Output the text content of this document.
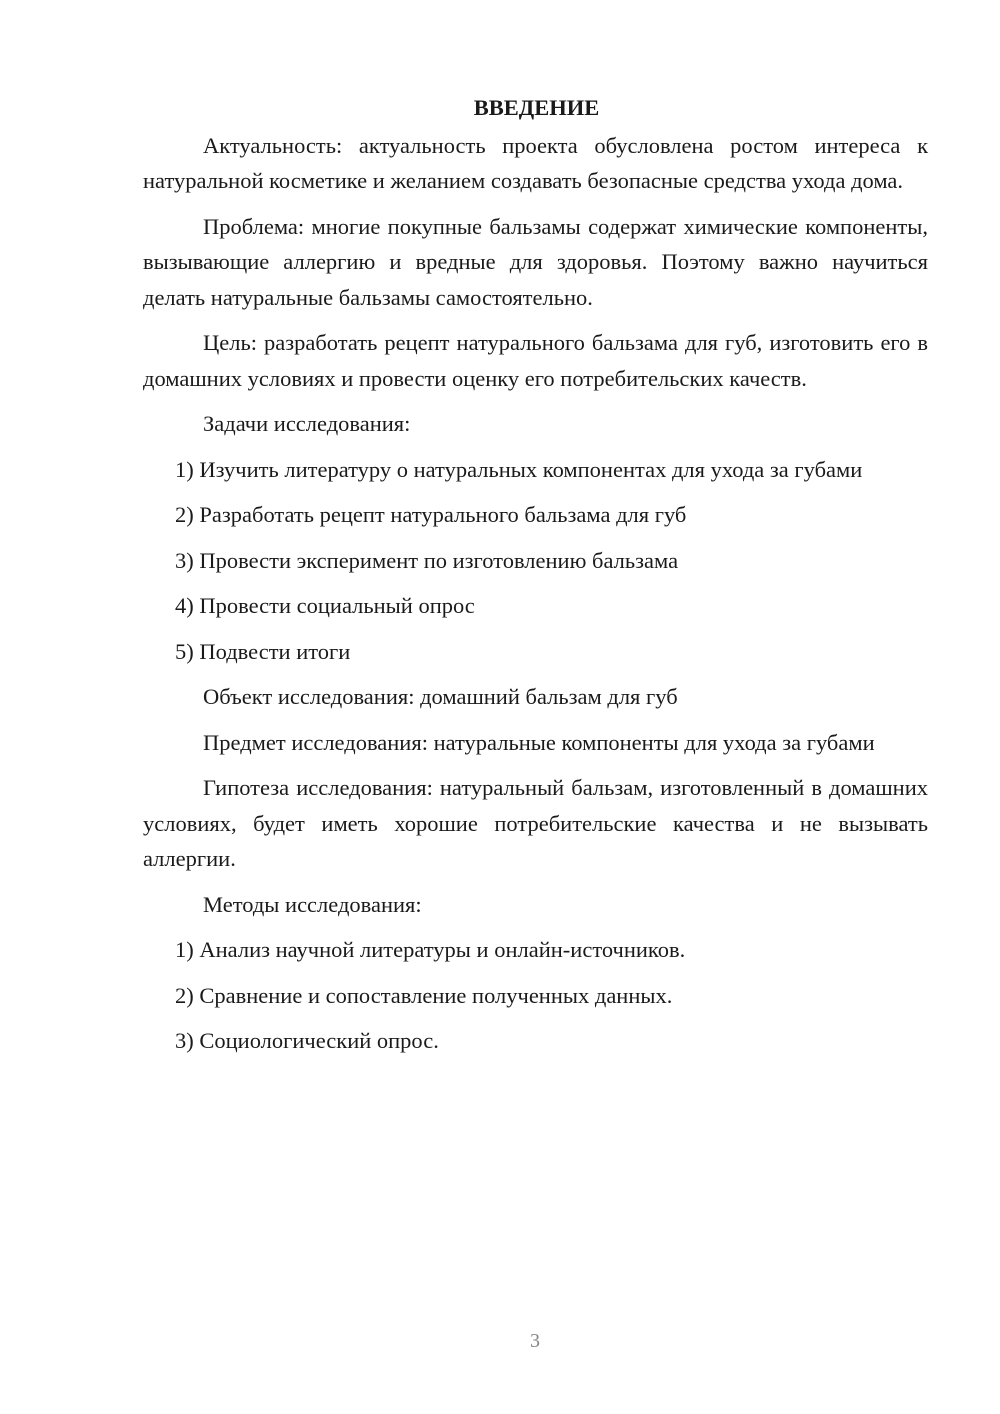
ВВЕДЕНИЕ

Актуальность: актуальность проекта обусловлена ростом интереса к натуральной косметике и желанием создавать безопасные средства ухода дома.

Проблема: многие покупные бальзамы содержат химические компоненты, вызывающие аллергию и вредные для здоровья. Поэтому важно научиться делать натуральные бальзамы самостоятельно.

Цель: разработать рецепт натурального бальзама для губ, изготовить его в домашних условиях и провести оценку его потребительских качеств.

Задачи исследования:

1) Изучить литературу о натуральных компонентах для ухода за губами

2) Разработать рецепт натурального бальзама для губ

3) Провести эксперимент по изготовлению бальзама

4) Провести социальный опрос

5) Подвести итоги

Объект исследования: домашний бальзам для губ

Предмет исследования: натуральные компоненты для ухода за губами

Гипотеза исследования: натуральный бальзам, изготовленный в домашних условиях, будет иметь хорошие потребительские качества и не вызывать аллергии.

Методы исследования:

1) Анализ научной литературы и онлайн-источников.

2) Сравнение и сопоставление полученных данных.

3) Социологический опрос.

3
